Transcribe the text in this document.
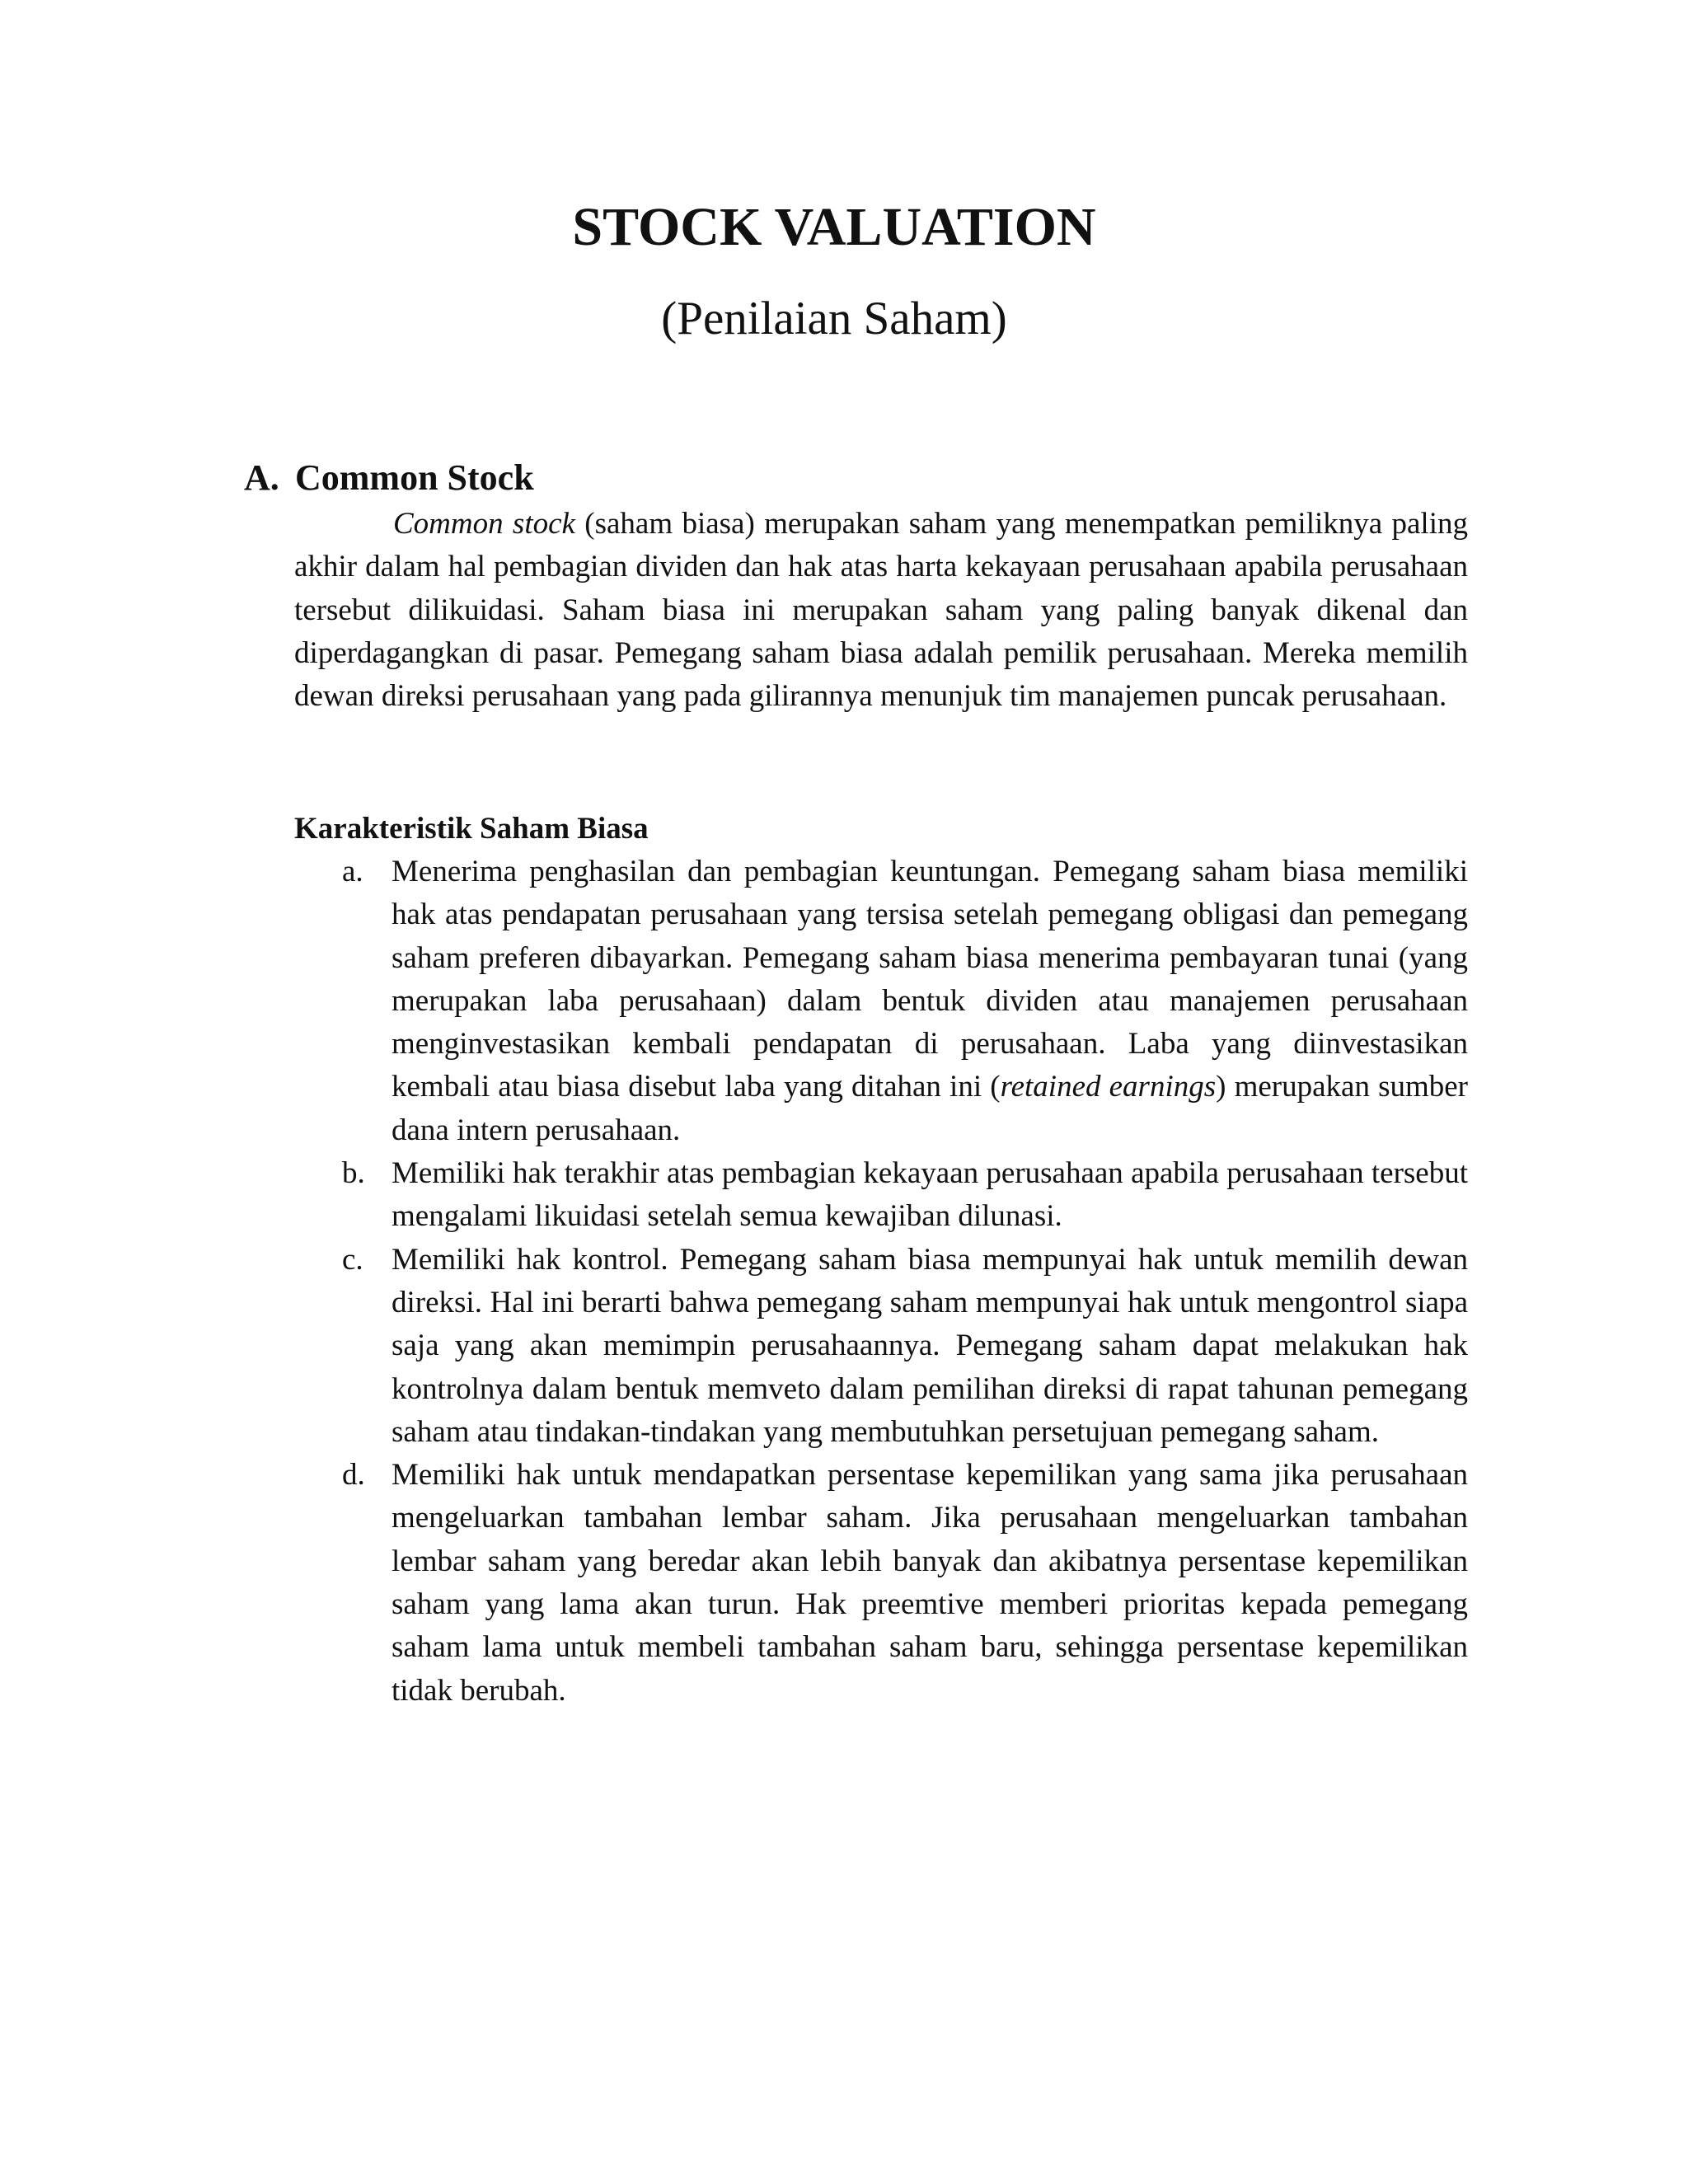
STOCK VALUATION
(Penilaian Saham)
A. Common Stock

Common stock (saham biasa) merupakan saham yang menempatkan pemiliknya paling akhir dalam hal pembagian dividen dan hak atas harta kekayaan perusahaan apabila perusahaan tersebut dilikuidasi. Saham biasa ini merupakan saham yang paling banyak dikenal dan diperdagangkan di pasar. Pemegang saham biasa adalah pemilik perusahaan. Mereka memilih dewan direksi perusahaan yang pada gilirannya menunjuk tim manajemen puncak perusahaan.

Karakteristik Saham Biasa
a. Menerima penghasilan dan pembagian keuntungan. Pemegang saham biasa memiliki hak atas pendapatan perusahaan yang tersisa setelah pemegang obligasi dan pemegang saham preferen dibayarkan. Pemegang saham biasa menerima pembayaran tunai (yang merupakan laba perusahaan) dalam bentuk dividen atau manajemen perusahaan menginvestasikan kembali pendapatan di perusahaan. Laba yang diinvestasikan kembali atau biasa disebut laba yang ditahan ini (retained earnings) merupakan sumber dana intern perusahaan.
b. Memiliki hak terakhir atas pembagian kekayaan perusahaan apabila perusahaan tersebut mengalami likuidasi setelah semua kewajiban dilunasi.
c. Memiliki hak kontrol. Pemegang saham biasa mempunyai hak untuk memilih dewan direksi. Hal ini berarti bahwa pemegang saham mempunyai hak untuk mengontrol siapa saja yang akan memimpin perusahaannya. Pemegang saham dapat melakukan hak kontrolnya dalam bentuk memveto dalam pemilihan direksi di rapat tahunan pemegang saham atau tindakan-tindakan yang membutuhkan persetujuan pemegang saham.
d. Memiliki hak untuk mendapatkan persentase kepemilikan yang sama jika perusahaan mengeluarkan tambahan lembar saham. Jika perusahaan mengeluarkan tambahan lembar saham yang beredar akan lebih banyak dan akibatnya persentase kepemilikan saham yang lama akan turun. Hak preemtive memberi prioritas kepada pemegang saham lama untuk membeli tambahan saham baru, sehingga persentase kepemilikan tidak berubah.
